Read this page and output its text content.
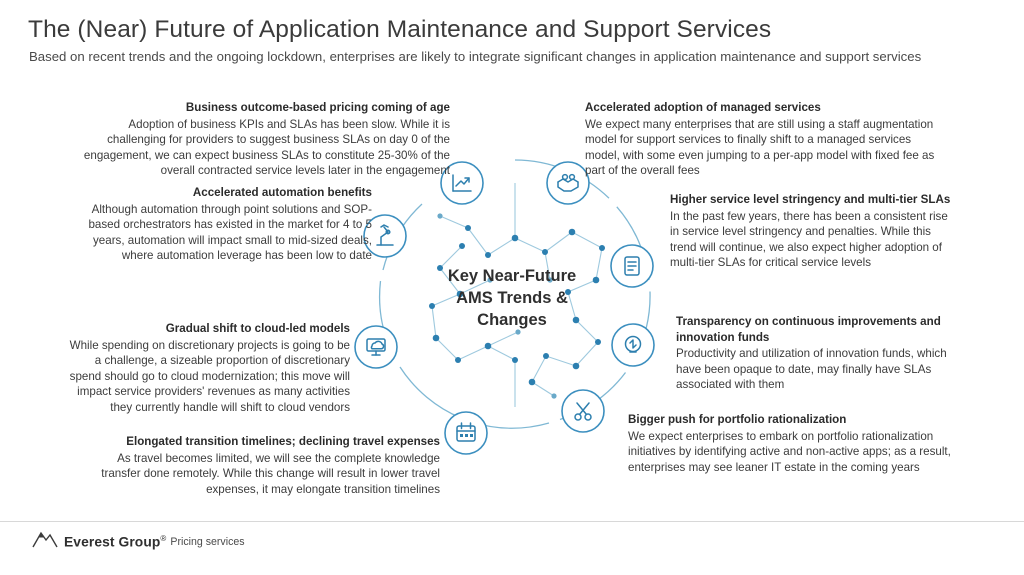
The (Near) Future of Application Maintenance and Support Services
Based on recent trends and the ongoing lockdown, enterprises are likely to integrate significant changes in application maintenance and support services
Key Near-Future
AMS Trends &
Changes
Business outcome-based pricing coming of age
Adoption of business KPIs and SLAs has been slow. While it is challenging for providers to suggest business SLAs on day 0 of the engagement, we can expect business SLAs to constitute 25-30% of the overall contracted service levels later in the engagement
Accelerated automation benefits
Although automation through point solutions and SOP-based orchestrators has existed in the market for 4 to 5 years, automation will impact small to mid-sized deals, where automation leverage has been low to date
Gradual shift to cloud-led models
While spending on discretionary projects is going to be a challenge, a sizeable proportion of discretionary spend should go to cloud modernization; this move will impact service providers' revenues as many activities they currently handle will shift to cloud vendors
Elongated transition timelines; declining travel expenses
As travel becomes limited, we will see the complete knowledge transfer done remotely. While this change will result in lower travel expenses, it may elongate transition timelines
Accelerated adoption of managed services
We expect many enterprises that are still using a staff augmentation model for support services to finally shift to a managed services model, with some even jumping to a per-app model with fixed fee as part of the overall fees
Higher service level stringency and multi-tier SLAs
In the past few years, there has been a consistent rise in service level stringency and penalties. While this trend will continue, we also expect higher adoption of multi-tier SLAs for critical service levels
Transparency on continuous improvements and innovation funds
Productivity and utilization of innovation funds, which have been opaque to date, may finally have SLAs associated with them
Bigger push for portfolio rationalization
We expect enterprises to embark on portfolio rationalization initiatives by identifying active and non-active apps; as a result, enterprises may see leaner IT estate in the coming years
Everest Group® Pricing services
